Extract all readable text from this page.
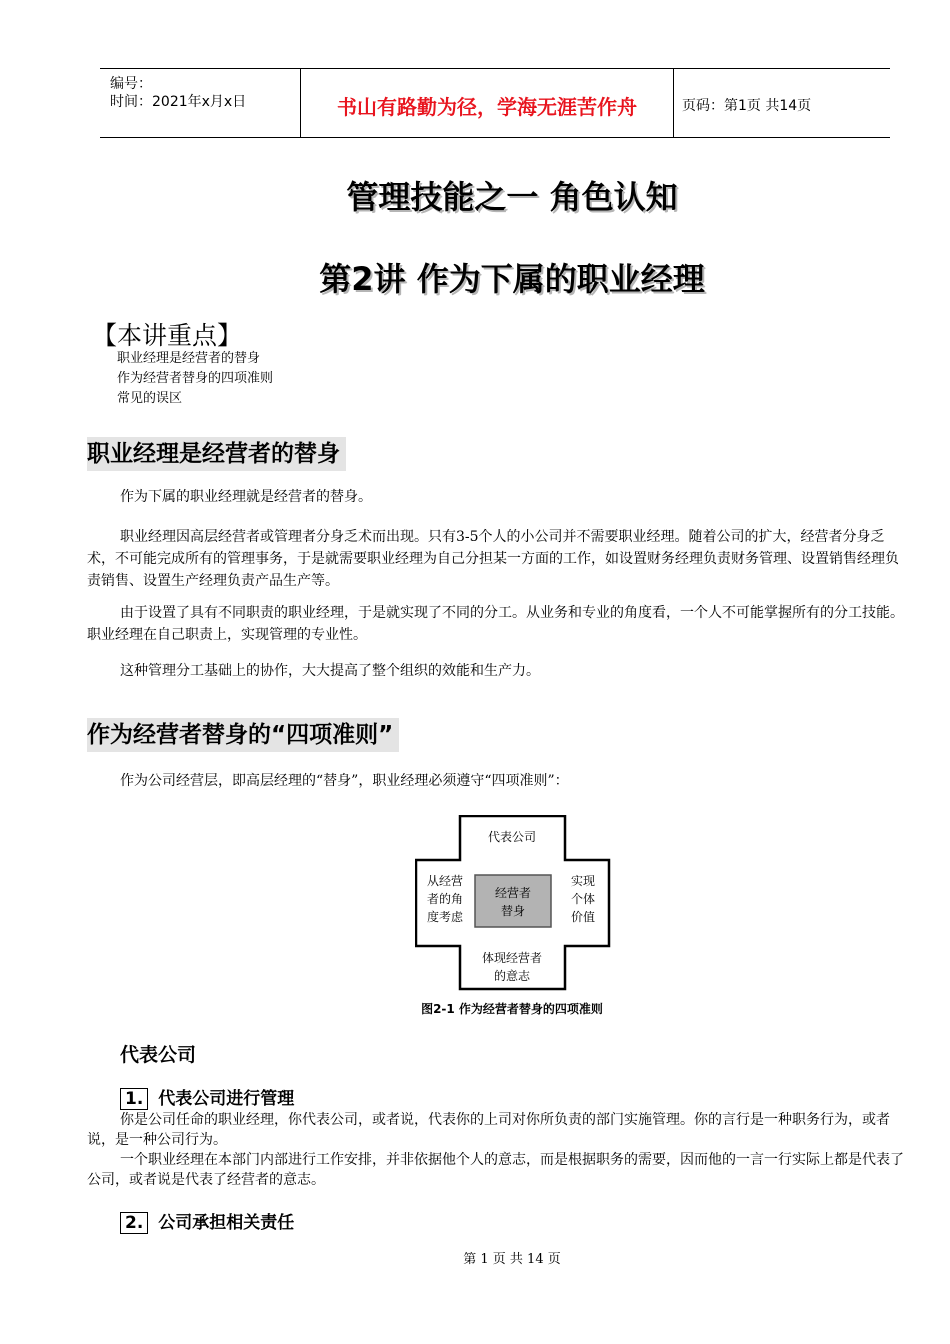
编号：
时间：2021年x月x日	书山有路勤为径，学海无涯苦作舟	页码：第1页 共14页
管理技能之一 角色认知
第2讲 作为下属的职业经理
【本讲重点】
职业经理是经营者的替身
作为经营者替身的四项准则
常见的误区
职业经理是经营者的替身
作为下属的职业经理就是经营者的替身。
职业经理因高层经营者或管理者分身乏术而出现。只有3-5个人的小公司并不需要职业经理。随着公司的扩大，经营者分身乏术，不可能完成所有的管理事务，于是就需要职业经理为自己分担某一方面的工作，如设置财务经理负责财务管理、设置销售经理负责销售、设置生产经理负责产品生产等。
由于设置了具有不同职责的职业经理，于是就实现了不同的分工。从业务和专业的角度看，一个人不可能掌握所有的分工技能。职业经理在自己职责上，实现管理的专业性。
这种管理分工基础上的协作，大大提高了整个组织的效能和生产力。
作为经营者替身的“四项准则”
作为公司经营层，即高层经理的“替身”，职业经理必须遵守“四项准则”：
代表公司
从经营
者的角
度考虑
实现
个体
价值
体现经营者
的意志
经营者
替身
图2-1 作为经营者替身的四项准则
代表公司
1. 代表公司进行管理
你是公司任命的职业经理，你代表公司，或者说，代表你的上司对你所负责的部门实施管理。你的言行是一种职务行为，或者说，是一种公司行为。
一个职业经理在本部门内部进行工作安排，并非依据他个人的意志，而是根据职务的需要，因而他的一言一行实际上都是代表了公司，或者说是代表了经营者的意志。
2. 公司承担相关责任
第 1 页 共 14 页
